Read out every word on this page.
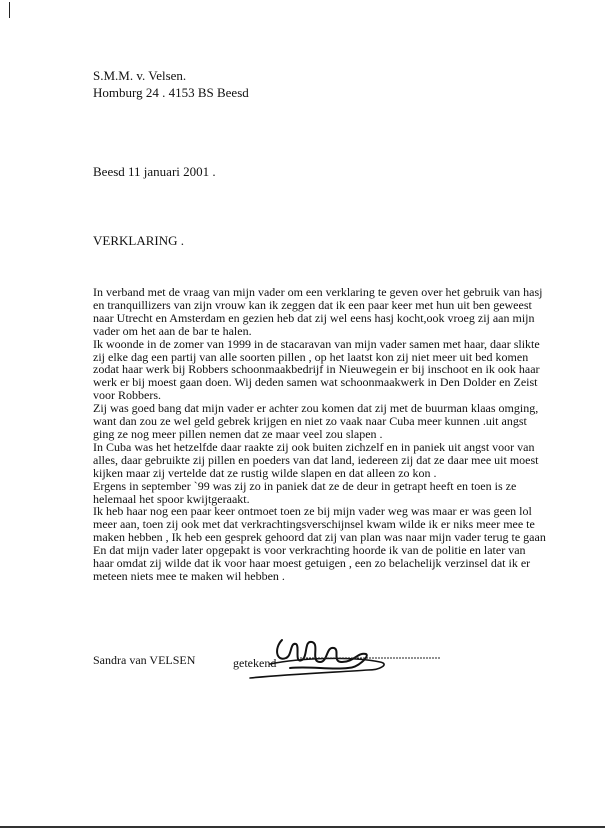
S.M.M. v. Velsen.
Homburg 24 . 4153 BS Beesd
Beesd 11 januari 2001 .
VERKLARING .
In verband met de vraag van mijn vader om een verklaring te geven over het gebruik van hasj
en tranquillizers van zijn vrouw kan ik zeggen dat ik een paar keer met hun uit ben geweest
naar Utrecht en Amsterdam en gezien heb dat zij wel eens hasj kocht,ook vroeg zij aan mijn
vader om het aan de bar te halen.
Ik woonde in de zomer van 1999 in de stacaravan van mijn vader samen met haar, daar slikte
zij elke dag een partij van alle soorten pillen , op het laatst kon zij niet meer uit bed komen
zodat haar werk bij Robbers schoonmaakbedrijf in Nieuwegein er bij inschoot en ik ook haar
werk er bij moest gaan doen. Wij deden samen wat schoonmaakwerk in Den Dolder en Zeist
voor Robbers.
Zij was goed bang dat mijn vader er achter zou komen dat zij met de buurman klaas omging,
want dan zou ze wel geld gebrek krijgen en niet zo vaak naar Cuba meer kunnen .uit angst
ging ze nog meer pillen nemen dat ze maar veel zou slapen .
In Cuba was het hetzelfde daar raakte zij ook buiten zichzelf en in paniek uit angst voor van
alles, daar gebruikte zij pillen en poeders van dat land, iedereen zij dat ze daar mee uit moest
kijken maar zij vertelde dat ze rustig wilde slapen en dat alleen zo kon .
Ergens in september `99 was zij zo in paniek dat ze de deur in getrapt heeft en toen is ze
helemaal het spoor kwijtgeraakt.
Ik heb haar nog een paar keer ontmoet toen ze bij mijn vader weg was maar er was geen lol
meer aan, toen zij ook met dat verkrachtingsverschijnsel kwam wilde ik er niks meer mee te
maken hebben , Ik heb een gesprek gehoord dat zij van plan was naar mijn vader terug te gaan
En dat mijn vader later opgepakt is voor verkrachting hoorde ik van de politie en later van
haar omdat zij wilde dat ik voor haar moest getuigen , een zo belachelijk verzinsel dat ik er
meteen niets mee te maken wil hebben .
Sandra van VELSEN	getekend
